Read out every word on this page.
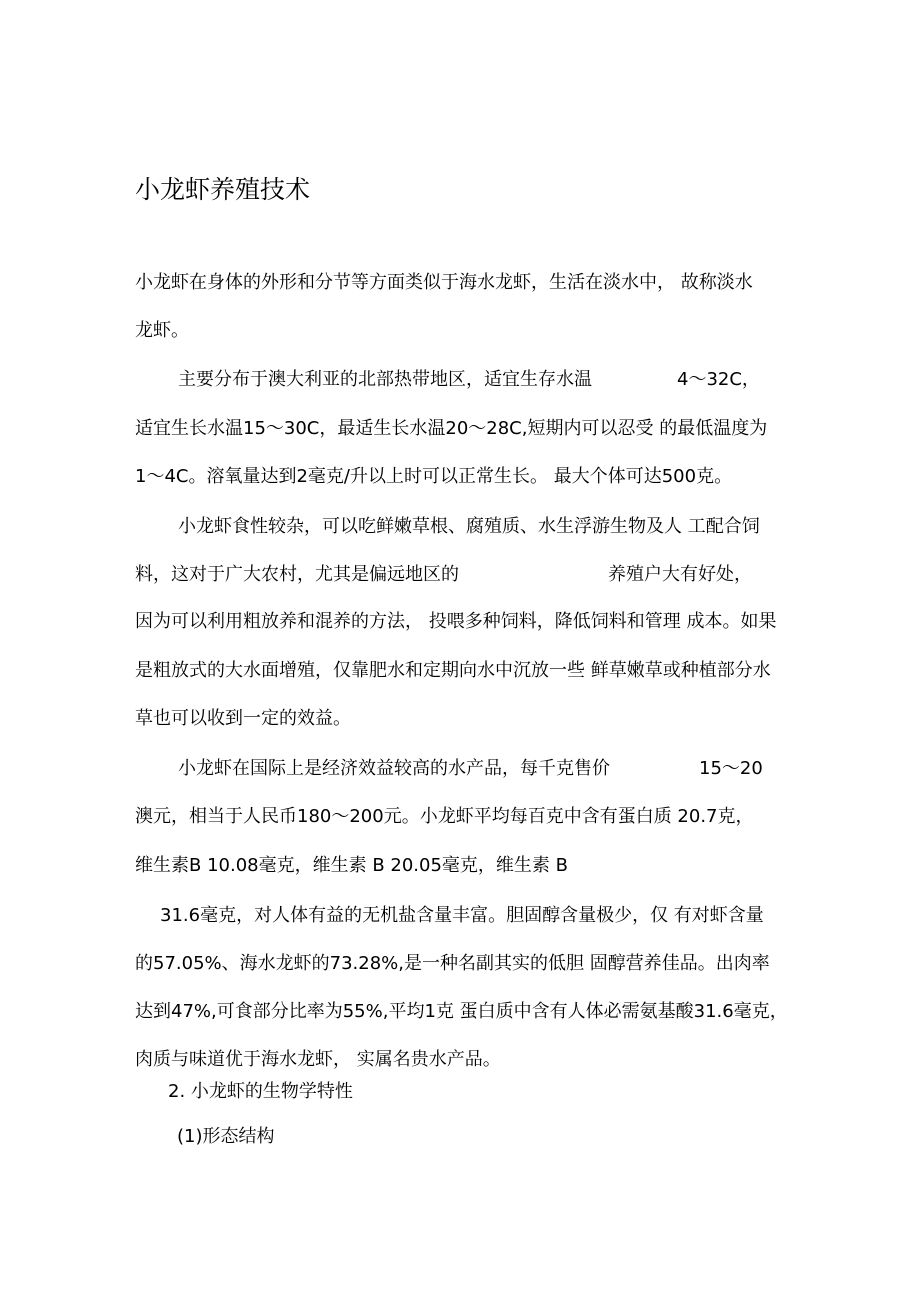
小龙虾养殖技术
小龙虾在身体的外形和分节等方面类似于海水龙虾，生活在淡水中， 故称淡水
龙虾。
主要分布于澳大利亚的北部热带地区，适宜生存水温	4〜32C，
适宜生长水温15〜30C，最适生长水温20〜28C,短期内可以忍受 的最低温度为
1〜4C。溶氧量达到2毫克/升以上时可以正常生长。 最大个体可达500克。
小龙虾食性较杂，可以吃鲜嫩草根、腐殖质、水生浮游生物及人 工配合饲
料，这对于广大农村，尤其是偏远地区的	养殖户大有好处，
因为可以利用粗放养和混养的方法， 投喂多种饲料，降低饲料和管理 成本。如果
是粗放式的大水面增殖，仅靠肥水和定期向水中沉放一些 鲜草嫩草或种植部分水
草也可以收到一定的效益。
小龙虾在国际上是经济效益较高的水产品，每千克售价	15〜20
澳元，相当于人民币180〜200元。小龙虾平均每百克中含有蛋白质 20.7克，
维生素B 10.08毫克，维生素 B 20.05毫克，维生素 B
31.6毫克，对人体有益的无机盐含量丰富。胆固醇含量极少，仅 有对虾含量
的57.05%、海水龙虾的73.28%,是一种名副其实的低胆 固醇营养佳品。出肉率
达到47%,可食部分比率为55%,平均1克 蛋白质中含有人体必需氨基酸31.6毫克，
肉质与味道优于海水龙虾， 实属名贵水产品。
2. 小龙虾的生物学特性
(1)形态结构
